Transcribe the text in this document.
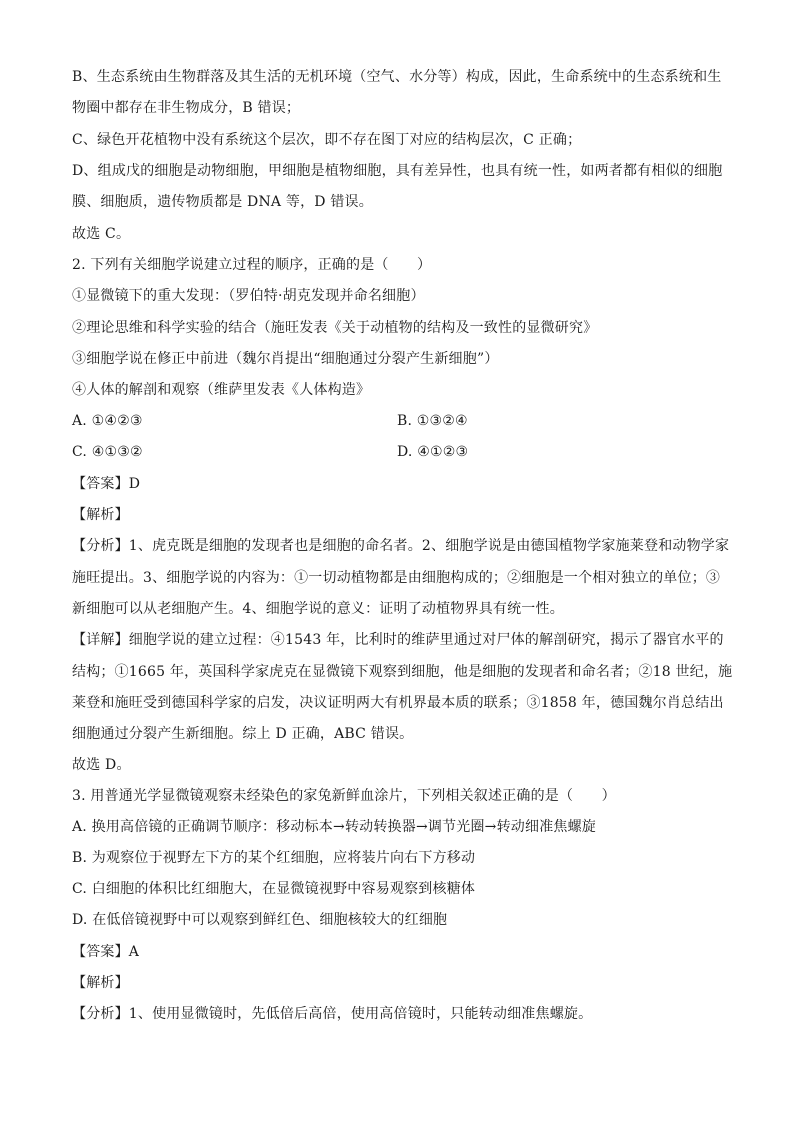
B、生态系统由生物群落及其生活的无机环境（空气、水分等）构成，因此，生命系统中的生态系统和生
物圈中都存在非生物成分，B 错误；
C、绿色开花植物中没有系统这个层次，即不存在图丁对应的结构层次，C 正确；
D、组成戊的细胞是动物细胞，甲细胞是植物细胞，具有差异性，也具有统一性，如两者都有相似的细胞
膜、细胞质，遗传物质都是 DNA 等，D 错误。
故选 C。
2. 下列有关细胞学说建立过程的顺序，正确的是（　　）
①显微镜下的重大发现：（罗伯特·胡克发现并命名细胞）
②理论思维和科学实验的结合（施旺发表《关于动植物的结构及一致性的显微研究》
③细胞学说在修正中前进（魏尔肖提出“细胞通过分裂产生新细胞”）
④人体的解剖和观察（维萨里发表《人体构造》
A. ①④②③	B. ①③②④
C. ④①③②	D. ④①②③
【答案】D
【解析】
【分析】1、虎克既是细胞的发现者也是细胞的命名者。2、细胞学说是由德国植物学家施莱登和动物学家
施旺提出。3、细胞学说的内容为：①一切动植物都是由细胞构成的；②细胞是一个相对独立的单位；③
新细胞可以从老细胞产生。4、细胞学说的意义：证明了动植物界具有统一性。
【详解】细胞学说的建立过程：④1543 年，比利时的维萨里通过对尸体的解剖研究，揭示了器官水平的
结构；①1665 年，英国科学家虎克在显微镜下观察到细胞，他是细胞的发现者和命名者；②18 世纪，施
莱登和施旺受到德国科学家的启发，决议证明两大有机界最本质的联系；③1858 年，德国魏尔肖总结出
细胞通过分裂产生新细胞。综上 D 正确，ABC 错误。
故选 D。
3. 用普通光学显微镜观察未经染色的家兔新鲜血涂片，下列相关叙述正确的是（　　）
A. 换用高倍镜的正确调节顺序：移动标本→转动转换器→调节光圈→转动细准焦螺旋
B. 为观察位于视野左下方的某个红细胞，应将装片向右下方移动
C. 白细胞的体积比红细胞大，在显微镜视野中容易观察到核糖体
D. 在低倍镜视野中可以观察到鲜红色、细胞核较大的红细胞
【答案】A
【解析】
【分析】1、使用显微镜时，先低倍后高倍，使用高倍镜时，只能转动细准焦螺旋。
